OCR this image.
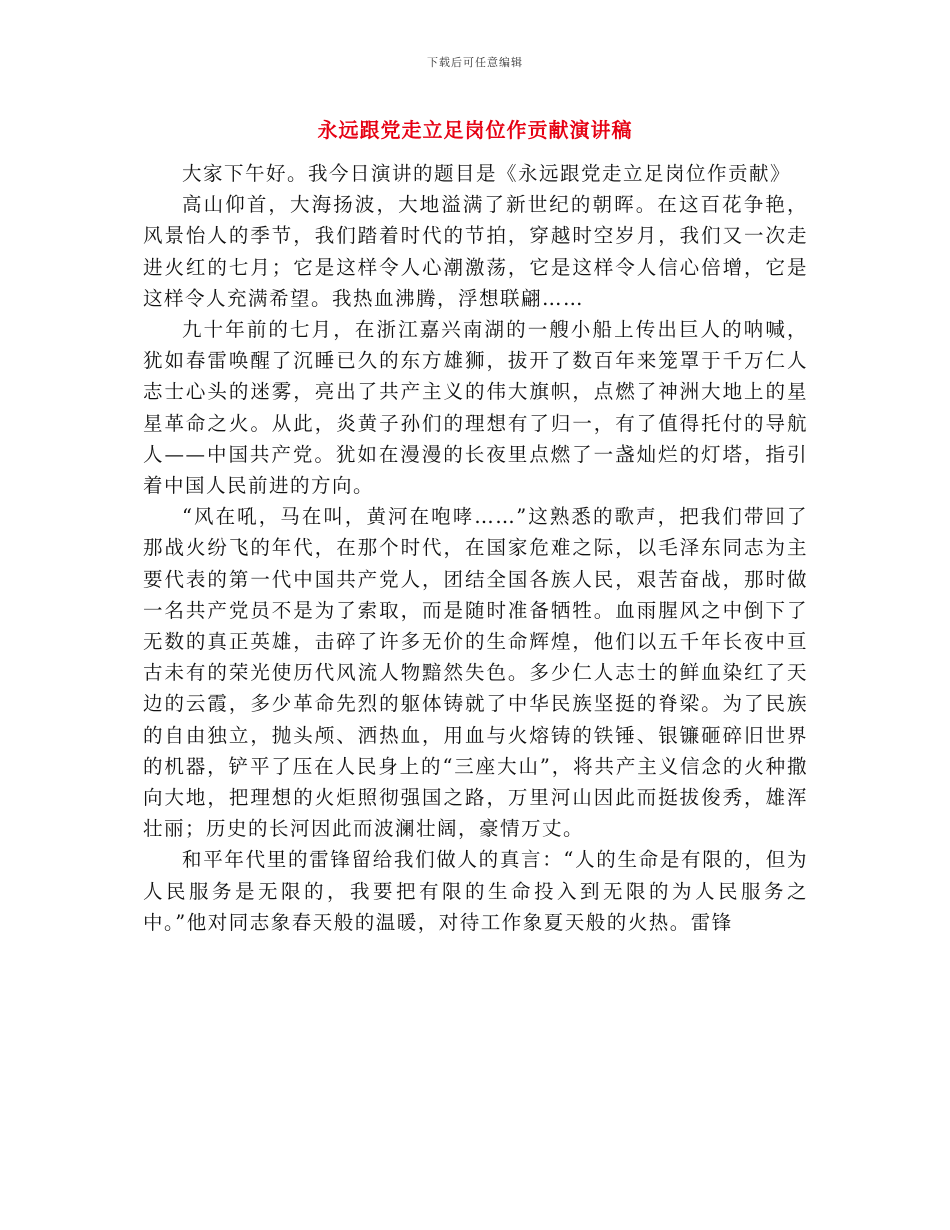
下载后可任意编辑
永远跟党走立足岗位作贡献演讲稿

大家下午好。我今日演讲的题目是《永远跟党走立足岗位作贡献》

高山仰首，大海扬波，大地溢满了新世纪的朝晖。在这百花争艳，风景怡人的季节，我们踏着时代的节拍，穿越时空岁月，我们又一次走进火红的七月；它是这样令人心潮激荡，它是这样令人信心倍增，它是这样令人充满希望。我热血沸腾，浮想联翩……

九十年前的七月，在浙江嘉兴南湖的一艘小船上传出巨人的呐喊，犹如春雷唤醒了沉睡已久的东方雄狮，拔开了数百年来笼罩于千万仁人志士心头的迷雾，亮出了共产主义的伟大旗帜，点燃了神洲大地上的星星革命之火。从此，炎黄子孙们的理想有了归一，有了值得托付的导航人——中国共产党。犹如在漫漫的长夜里点燃了一盏灿烂的灯塔，指引着中国人民前进的方向。

“风在吼，马在叫，黄河在咆哮……”这熟悉的歌声，把我们带回了那战火纷飞的年代，在那个时代，在国家危难之际，以毛泽东同志为主要代表的第一代中国共产党人，团结全国各族人民，艰苦奋战，那时做一名共产党员不是为了索取，而是随时准备牺牲。血雨腥风之中倒下了无数的真正英雄，击碎了许多无价的生命辉煌，他们以五千年长夜中亘古未有的荣光使历代风流人物黯然失色。多少仁人志士的鲜血染红了天边的云霞，多少革命先烈的躯体铸就了中华民族坚挺的脊梁。为了民族的自由独立，抛头颅、洒热血，用血与火熔铸的铁锤、银镰砸碎旧世界的机器，铲平了压在人民身上的“三座大山”，将共产主义信念的火种撒向大地，把理想的火炬照彻强国之路，万里河山因此而挺拔俊秀，雄浑壮丽；历史的长河因此而波澜壮阔，豪情万丈。

和平年代里的雷锋留给我们做人的真言：“人的生命是有限的，但为人民服务是无限的，我要把有限的生命投入到无限的为人民服务之中。”他对同志象春天般的温暖，对待工作象夏天般的火热。雷锋
